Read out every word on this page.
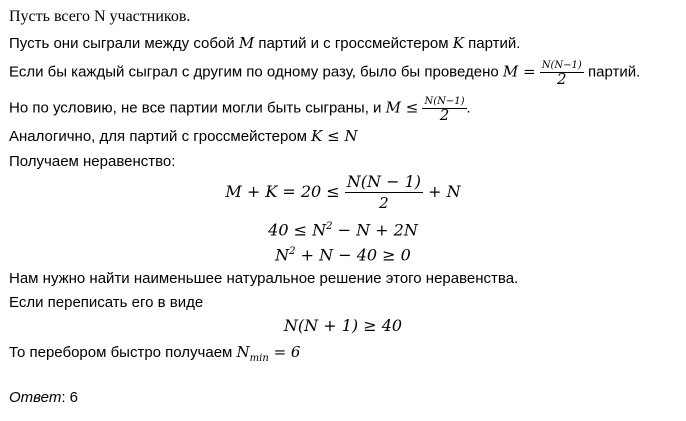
Пусть всего N участников.
Пусть они сыграли между собой M партий и с гроссмейстером K партий.
Если бы каждый сыграл с другим по одному разу, было бы проведено $M = \frac{N(N-1)}{2}$ партий.
Но по условию, не все партии могли быть сыграны, и $M \le \frac{N(N-1)}{2}$ .
Аналогично, для партий с гроссмейстером K ≤ N
Получаем неравенство:
$M + K = 20 \le \frac{N(N - 1)}{2} + N$
$40 \le N^2 - N + 2N$
$N^2 + N - 40 \ge 0$
Нам нужно найти наименьшее натуральное решение этого неравенства.
Если переписать его в виде
N(N + 1) ≥ 40
То перебором быстро получаем $N_{min} = 6$
Ответ: 6
